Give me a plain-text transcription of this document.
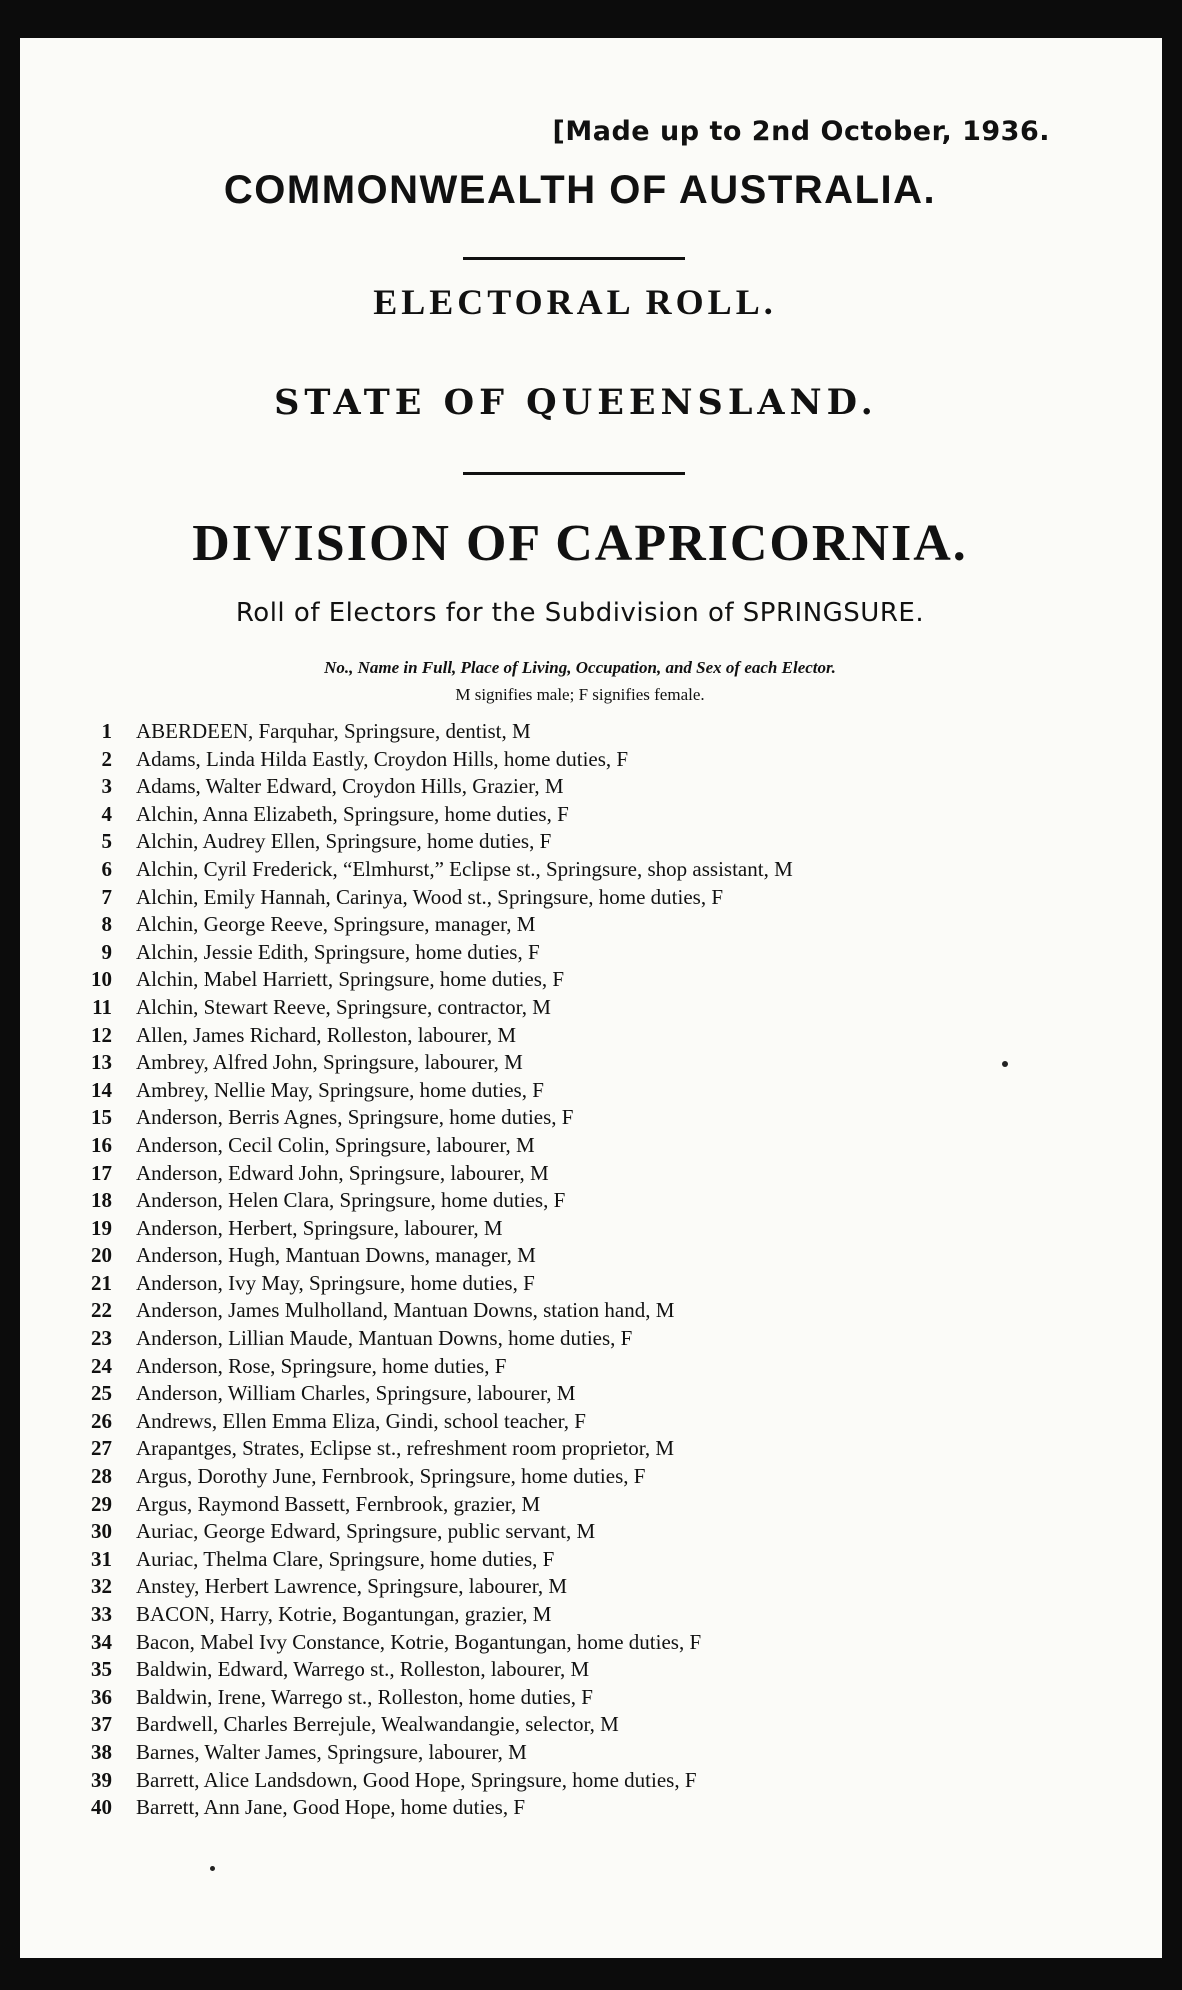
[Made up to 2nd October, 1936.

COMMONWEALTH OF AUSTRALIA.
ELECTORAL ROLL.
STATE OF QUEENSLAND.
DIVISION OF CAPRICORNIA.

Roll of Electors for the Subdivision of SPRINGSURE.

No., Name in Full, Place of Living, Occupation, and Sex of each Elector.

M signifies male; F signifies female.

1 ABERDEEN, Farquhar, Springsure, dentist, M
2 Adams, Linda Hilda Eastly, Croydon Hills, home duties, F
3 Adams, Walter Edward, Croydon Hills, Grazier, M
4 Alchin, Anna Elizabeth, Springsure, home duties, F
5 Alchin, Audrey Ellen, Springsure, home duties, F
6 Alchin, Cyril Frederick, “Elmhurst,” Eclipse st., Springsure, shop assistant, M
7 Alchin, Emily Hannah, Carinya, Wood st., Springsure, home duties, F
8 Alchin, George Reeve, Springsure, manager, M
9 Alchin, Jessie Edith, Springsure, home duties, F
10 Alchin, Mabel Harriett, Springsure, home duties, F
11 Alchin, Stewart Reeve, Springsure, contractor, M
12 Allen, James Richard, Rolleston, labourer, M
13 Ambrey, Alfred John, Springsure, labourer, M
14 Ambrey, Nellie May, Springsure, home duties, F
15 Anderson, Berris Agnes, Springsure, home duties, F
16 Anderson, Cecil Colin, Springsure, labourer, M
17 Anderson, Edward John, Springsure, labourer, M
18 Anderson, Helen Clara, Springsure, home duties, F
19 Anderson, Herbert, Springsure, labourer, M
20 Anderson, Hugh, Mantuan Downs, manager, M
21 Anderson, Ivy May, Springsure, home duties, F
22 Anderson, James Mulholland, Mantuan Downs, station hand, M
23 Anderson, Lillian Maude, Mantuan Downs, home duties, F
24 Anderson, Rose, Springsure, home duties, F
25 Anderson, William Charles, Springsure, labourer, M
26 Andrews, Ellen Emma Eliza, Gindi, school teacher, F
27 Arapantges, Strates, Eclipse st., refreshment room proprietor, M
28 Argus, Dorothy June, Fernbrook, Springsure, home duties, F
29 Argus, Raymond Bassett, Fernbrook, grazier, M
30 Auriac, George Edward, Springsure, public servant, M
31 Auriac, Thelma Clare, Springsure, home duties, F
32 Anstey, Herbert Lawrence, Springsure, labourer, M
33 BACON, Harry, Kotrie, Bogantungan, grazier, M
34 Bacon, Mabel Ivy Constance, Kotrie, Bogantungan, home duties, F
35 Baldwin, Edward, Warrego st., Rolleston, labourer, M
36 Baldwin, Irene, Warrego st., Rolleston, home duties, F
37 Bardwell, Charles Berrejule, Wealwandangie, selector, M
38 Barnes, Walter James, Springsure, labourer, M
39 Barrett, Alice Landsdown, Good Hope, Springsure, home duties, F
40 Barrett, Ann Jane, Good Hope, home duties, F
